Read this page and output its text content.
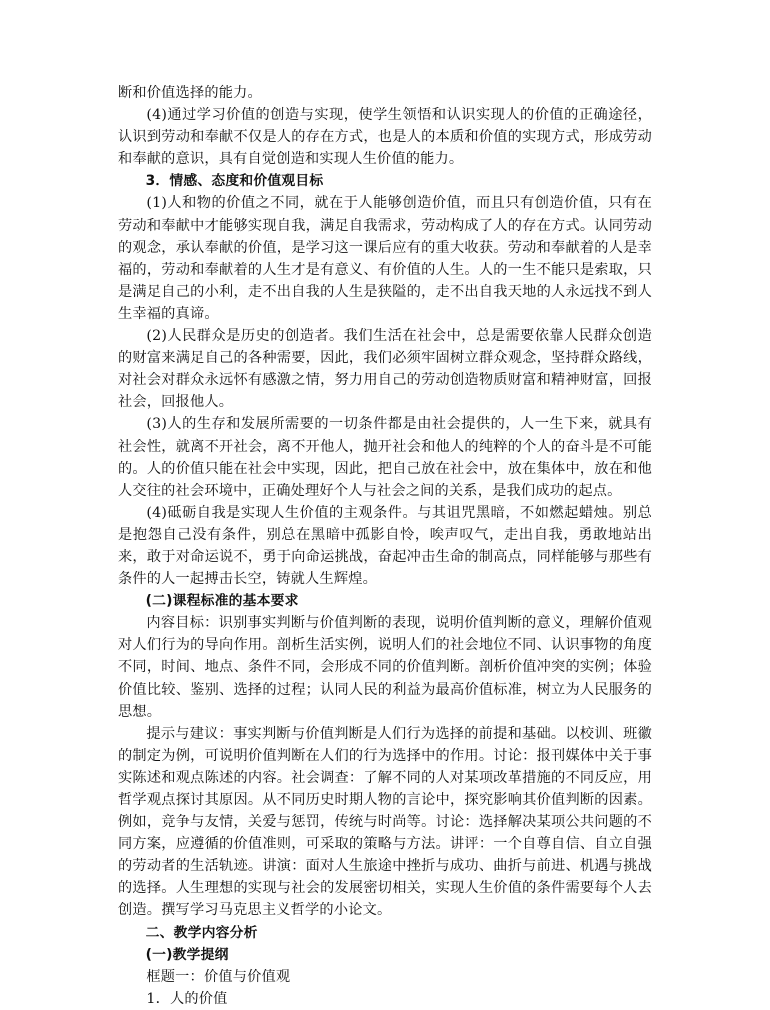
断和价值选择的能力。

(4)通过学习价值的创造与实现，使学生领悟和认识实现人的价值的正确途径，认识到劳动和奉献不仅是人的存在方式，也是人的本质和价值的实现方式，形成劳动和奉献的意识，具有自觉创造和实现人生价值的能力。

3．情感、态度和价值观目标

(1)人和物的价值之不同，就在于人能够创造价值，而且只有创造价值，只有在劳动和奉献中才能够实现自我，满足自我需求，劳动构成了人的存在方式。认同劳动的观念，承认奉献的价值，是学习这一课后应有的重大收获。劳动和奉献着的人是幸福的，劳动和奉献着的人生才是有意义、有价值的人生。人的一生不能只是索取，只是满足自己的小利，走不出自我的人生是狭隘的，走不出自我天地的人永远找不到人生幸福的真谛。

(2)人民群众是历史的创造者。我们生活在社会中，总是需要依靠人民群众创造的财富来满足自己的各种需要，因此，我们必须牢固树立群众观念，坚持群众路线，对社会对群众永远怀有感激之情，努力用自己的劳动创造物质财富和精神财富，回报社会，回报他人。

(3)人的生存和发展所需要的一切条件都是由社会提供的，人一生下来，就具有社会性，就离不开社会，离不开他人，抛开社会和他人的纯粹的个人的奋斗是不可能的。人的价值只能在社会中实现，因此，把自己放在社会中，放在集体中，放在和他人交往的社会环境中，正确处理好个人与社会之间的关系，是我们成功的起点。

(4)砥砺自我是实现人生价值的主观条件。与其诅咒黑暗，不如燃起蜡烛。别总是抱怨自己没有条件，别总在黑暗中孤影自怜，唉声叹气，走出自我，勇敢地站出来，敢于对命运说不，勇于向命运挑战，奋起冲击生命的制高点，同样能够与那些有条件的人一起搏击长空，铸就人生辉煌。

(二)课程标准的基本要求

内容目标：识别事实判断与价值判断的表现，说明价值判断的意义，理解价值观对人们行为的导向作用。剖析生活实例，说明人们的社会地位不同、认识事物的角度不同，时间、地点、条件不同，会形成不同的价值判断。剖析价值冲突的实例；体验价值比较、鉴别、选择的过程；认同人民的利益为最高价值标准，树立为人民服务的思想。

提示与建议：事实判断与价值判断是人们行为选择的前提和基础。以校训、班徽的制定为例，可说明价值判断在人们的行为选择中的作用。讨论：报刊媒体中关于事实陈述和观点陈述的内容。社会调查：了解不同的人对某项改革措施的不同反应，用哲学观点探讨其原因。从不同历史时期人物的言论中，探究影响其价值判断的因素。例如，竞争与友情，关爱与惩罚，传统与时尚等。讨论：选择解决某项公共问题的不同方案，应遵循的价值准则，可采取的策略与方法。讲评：一个自尊自信、自立自强的劳动者的生活轨迹。讲演：面对人生旅途中挫折与成功、曲折与前进、机遇与挑战的选择。人生理想的实现与社会的发展密切相关，实现人生价值的条件需要每个人去创造。撰写学习马克思主义哲学的小论文。

二、教学内容分析

(一)教学提纲

框题一：价值与价值观

1．人的价值
